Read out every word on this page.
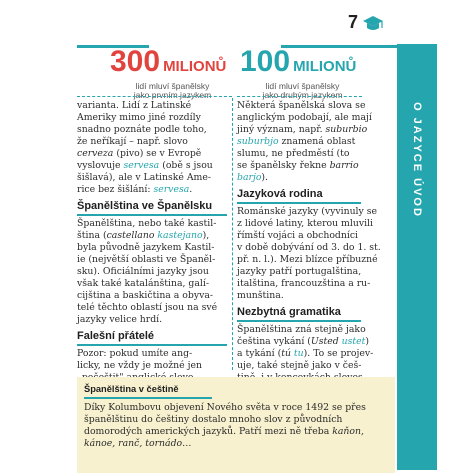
7
O JAZYCE ÚVOD
300 MILIONŮ
lidí mluví španělsky
jako prvním jazykem
100 MILIONŮ
lidí mluví španělsky
jako druhým jazykem

varianta. Lidí z Latinské

Ameriky mimo jiné rozdíly

snadno poznáte podle toho,

že neříkají – např. slovo

cerveza (pivo) se v Evropě

vyslovuje servesa (obě s jsou

šišlavá), ale v Latinské Ame-

rice bez šišlání: servesa.

Španělština ve Španělsku

Španělština, nebo také kastil-

ština (castellano kastejano),

byla původně jazykem Kastil-

ie (největší oblasti ve Španěl-

sku). Oficiálními jazyky jsou

však také katalánština, galí-

cijština a baskičtina a obyva-

telé těchto oblastí jsou na své

jazyky velice hrdí.

Falešní přátelé

Pozor: pokud umíte ang-

licky, ne vždy je možné jen

Některá španělská slova se

anglickým podobají, ale mají

jiný význam, např. suburbio

suburbjo znamená oblast

slumu, ne předměstí (to

se španělsky řekne barrio

barjo).

Jazyková rodina

Románské jazyky (vyvinuly se

z lidové latiny, kterou mluvili

římští vojáci a obchodníci

v době dobývání od 3. do 1. st.

př. n. l.). Mezi blízce příbuzné

jazyky patří portugalština,

italština, francouzština a ru-

munština.

Nezbytná gramatika

Španělština zná stejně jako

čeština vykání (Usted ustet)

a tykání (tú tu). To se projev-

uje, také stejně jako v češ-

Španělština v češtině

Díky Kolumbovu objevení Nového světa v roce 1492 se přes

španělštinu do češtiny dostalo mnoho slov z původních

domorodých amerických jazyků. Patří mezi ně třeba kaňon,

kánoe, ranč, tornádo…
